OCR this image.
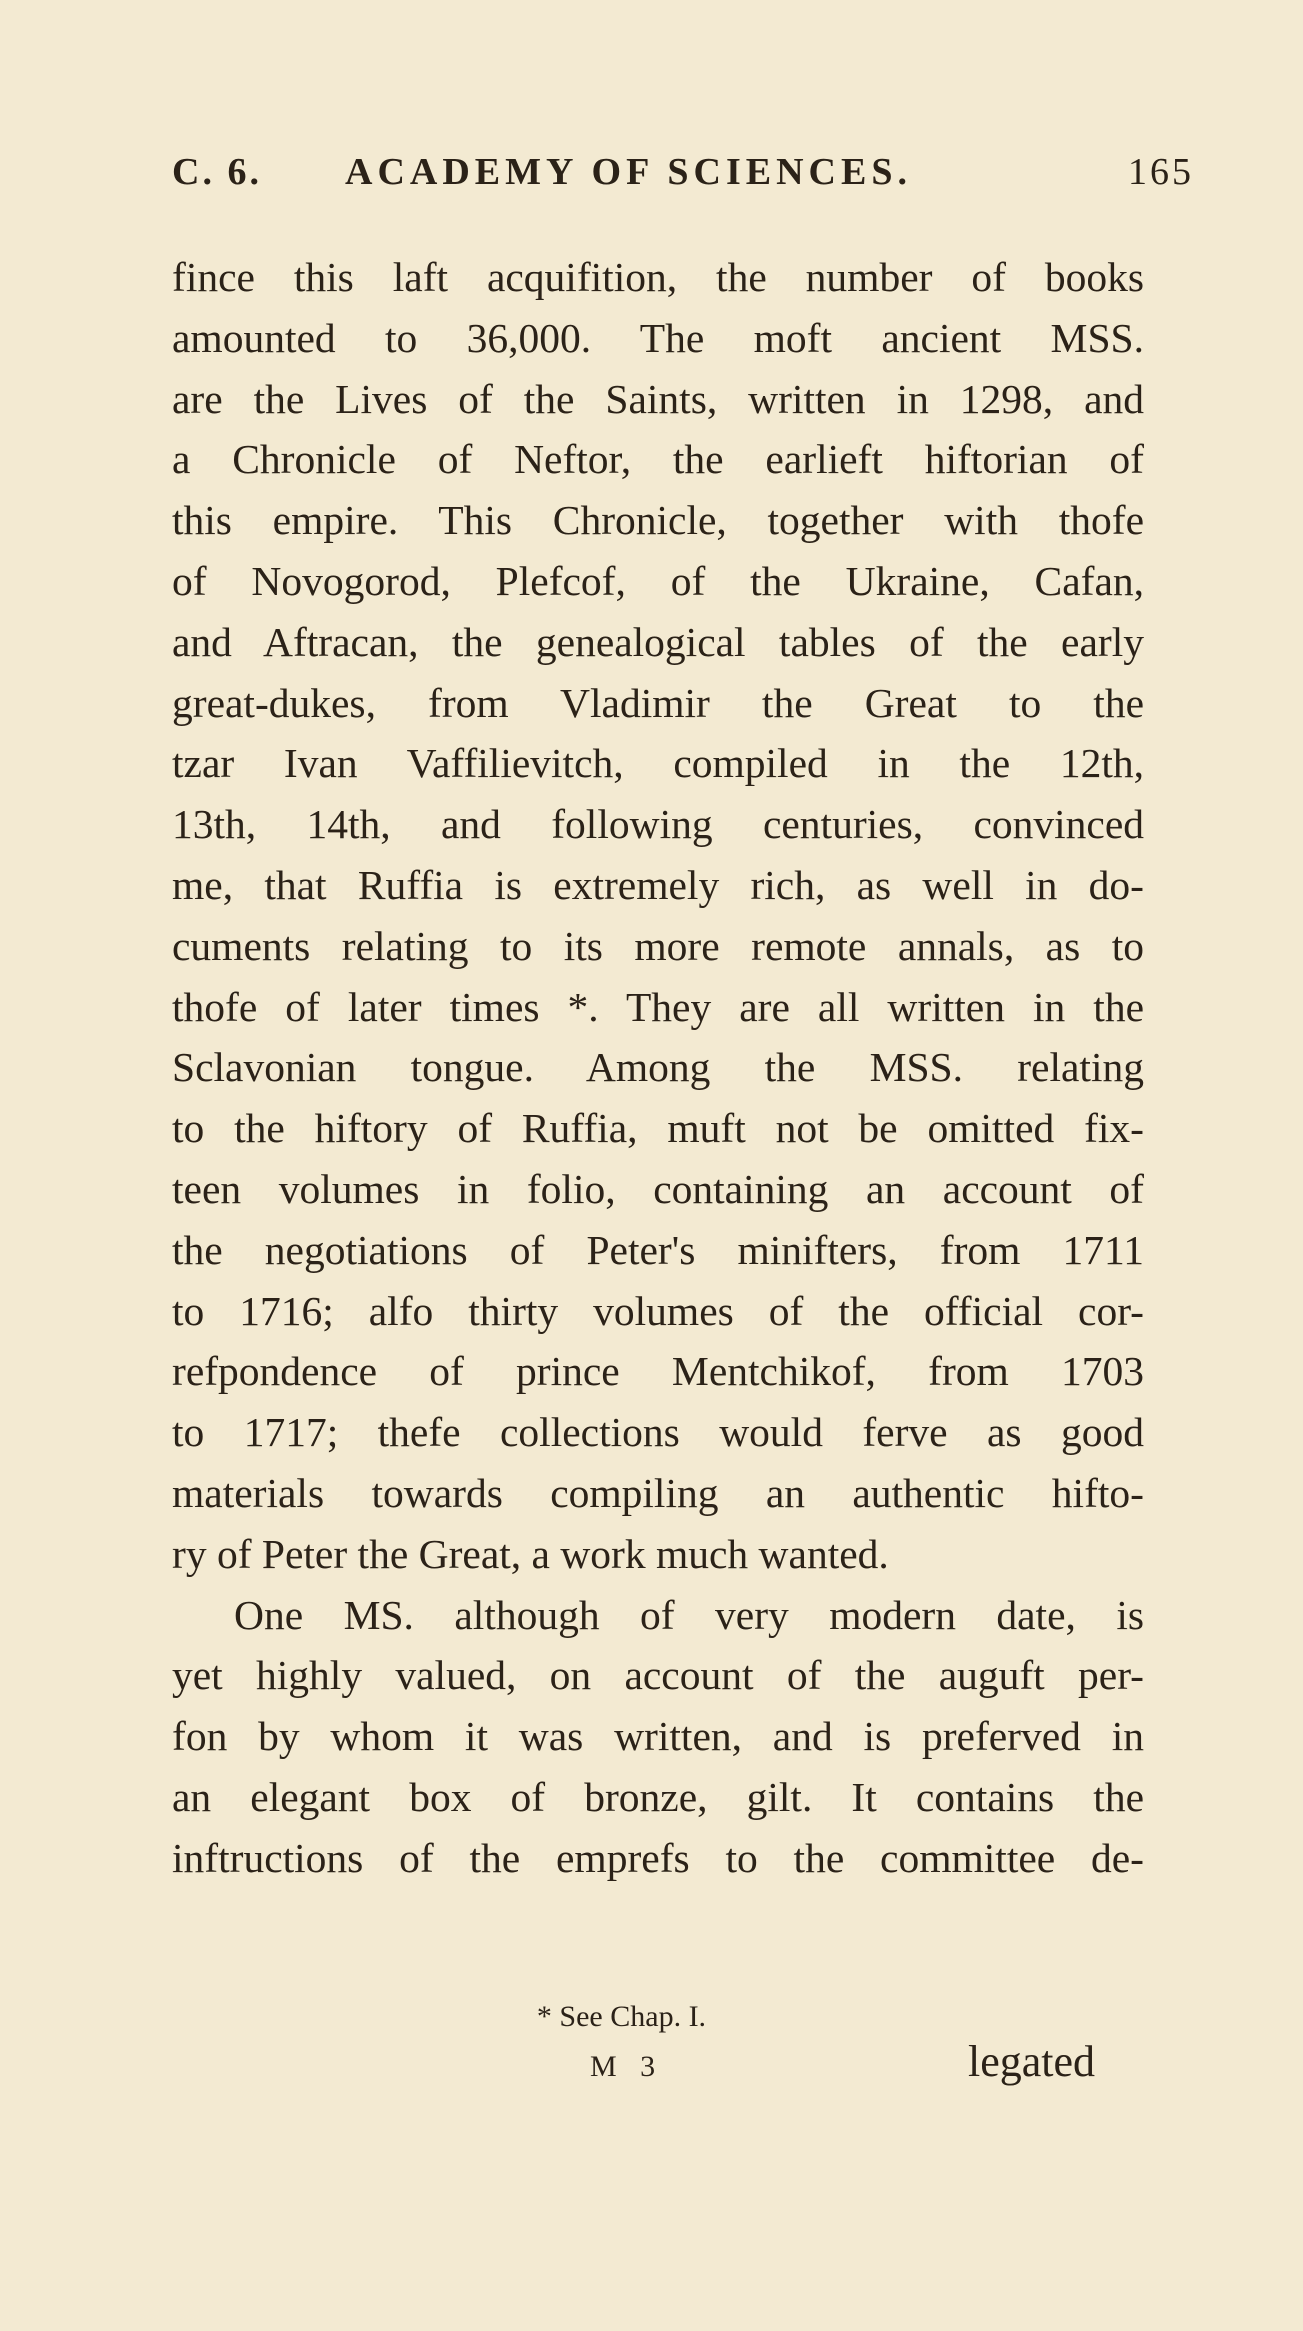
C. 6. ACADEMY OF SCIENCES.	165
fince this laft acquifition, the number of books
amounted to 36,000. The moft ancient MSS.
are the Lives of the Saints, written in 1298, and
a Chronicle of Neftor, the earlieft hiftorian of
this empire. This Chronicle, together with thofe
of Novogorod, Plefcof, of the Ukraine, Cafan,
and Aftracan, the genealogical tables of the early
great-dukes, from Vladimir the Great to the
tzar Ivan Vaffilievitch, compiled in the 12th,
13th, 14th, and following centuries, convinced
me, that Ruffia is extremely rich, as well in do-
cuments relating to its more remote annals, as to
thofe of later times *. They are all written in the
Sclavonian tongue. Among the MSS. relating
to the hiftory of Ruffia, muft not be omitted fix-
teen volumes in folio, containing an account of
the negotiations of Peter's minifters, from 1711
to 1716; alfo thirty volumes of the official cor-
refpondence of prince Mentchikof, from 1703
to 1717; thefe collections would ferve as good
materials towards compiling an authentic hifto-
ry of Peter the Great, a work much wanted.
One MS. although of very modern date, is
yet highly valued, on account of the auguft per-
fon by whom it was written, and is preferved in
an elegant box of bronze, gilt. It contains the
inftructions of the emprefs to the committee de-
* See Chap. I.
M 3	legated
